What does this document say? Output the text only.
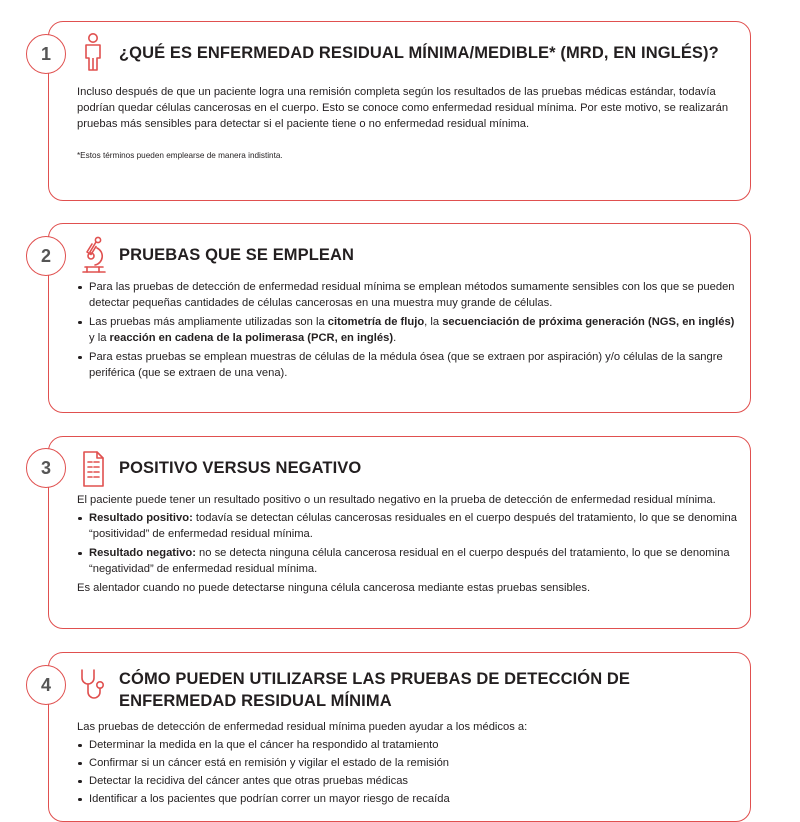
1	¿QUÉ ES ENFERMEDAD RESIDUAL MÍNIMA/MEDIBLE* (MRD, EN INGLÉS)?

Incluso después de que un paciente logra una remisión completa según los resultados de las pruebas médicas estándar, todavía podrían quedar células cancerosas en el cuerpo. Esto se conoce como enfermedad residual mínima. Por este motivo, se realizarán pruebas más sensibles para detectar si el paciente tiene o no enfermedad residual mínima.

*Estos términos pueden emplearse de manera indistinta.

2	PRUEBAS QUE SE EMPLEAN
Para las pruebas de detección de enfermedad residual mínima se emplean métodos sumamente sensibles con los que se pueden detectar pequeñas cantidades de células cancerosas en una muestra muy grande de células.
Las pruebas más ampliamente utilizadas son la citometría de flujo, la secuenciación de próxima generación (NGS, en inglés) y la reacción en cadena de la polimerasa (PCR, en inglés).
Para estas pruebas se emplean muestras de células de la médula ósea (que se extraen por aspiración) y/o células de la sangre periférica (que se extraen de una vena).
3	POSITIVO VERSUS NEGATIVO

El paciente puede tener un resultado positivo o un resultado negativo en la prueba de detección de enfermedad residual mínima.

Resultado positivo: todavía se detectan células cancerosas residuales en el cuerpo después del tratamiento, lo que se denomina “positividad” de enfermedad residual mínima.
Resultado negativo: no se detecta ninguna célula cancerosa residual en el cuerpo después del tratamiento, lo que se denomina “negatividad” de enfermedad residual mínima.

Es alentador cuando no puede detectarse ninguna célula cancerosa mediante estas pruebas sensibles.

4	CÓMO PUEDEN UTILIZARSE LAS PRUEBAS DE DETECCIÓN DE
ENFERMEDAD RESIDUAL MÍNIMA

Las pruebas de detección de enfermedad residual mínima pueden ayudar a los médicos a:

Determinar la medida en la que el cáncer ha respondido al tratamiento
Confirmar si un cáncer está en remisión y vigilar el estado de la remisión
Detectar la recidiva del cáncer antes que otras pruebas médicas
Identificar a los pacientes que podrían correr un mayor riesgo de recaída
